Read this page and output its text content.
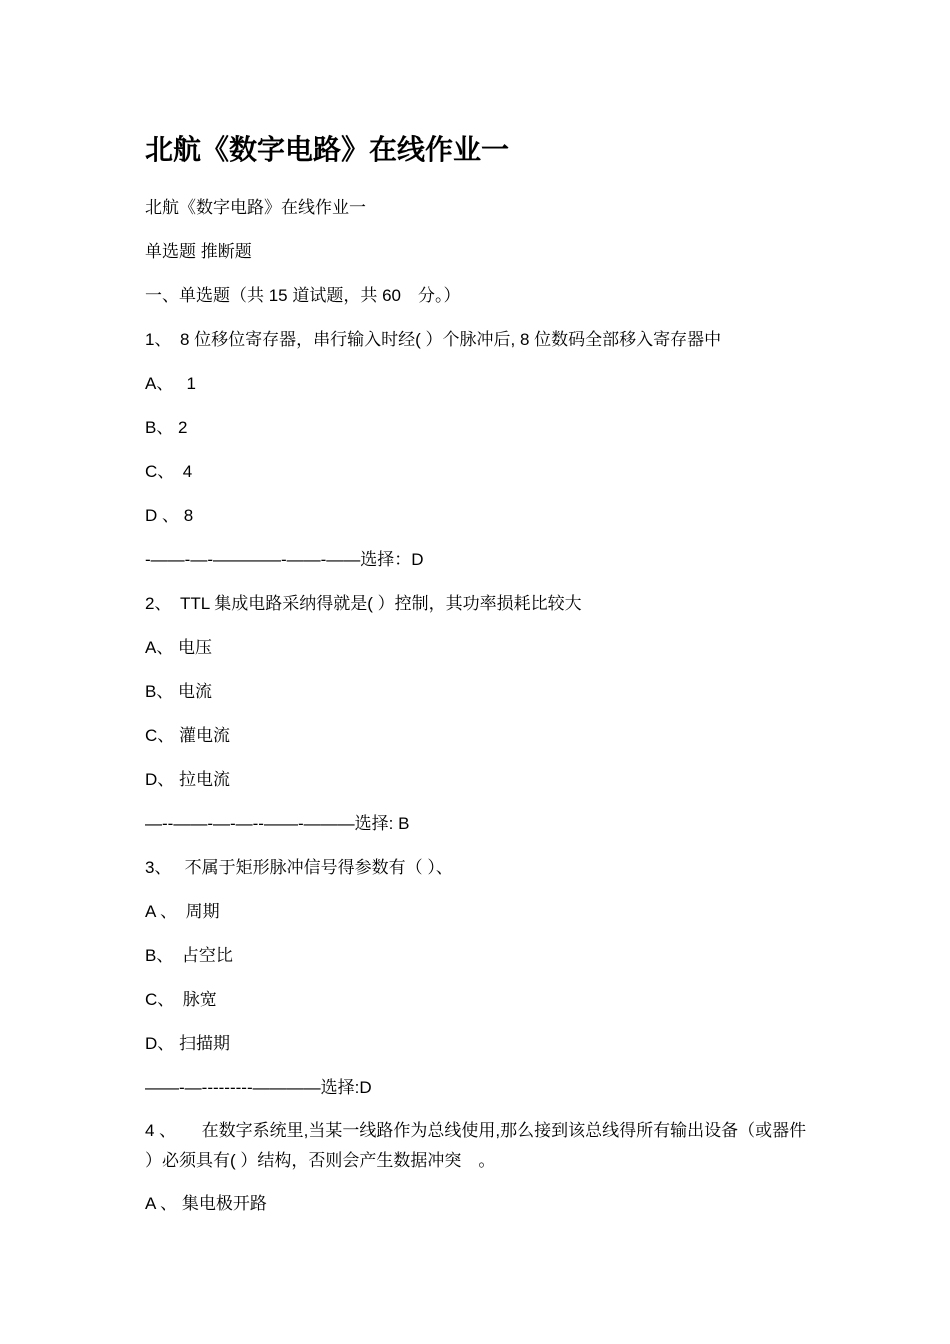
北航《数字电路》在线作业一
北航《数字电路》在线作业一
单选题 推断题
一、单选题（共 15 道试题，共 60　分。）
1、　8 位移位寄存器，串行输入时经( ）个脉冲后, 8 位数码全部移入寄存器中
A、　 1
B、 2
C、　4
D 、 8
-——-—-————-——-——选择：D
2、　TTL 集成电路采纳得就是( ）控制，其功率损耗比较大
A、 电压
B、 电流
C、 灌电流
D、 拉电流
—--——-—-—--——-———选择: B
3、　 不属于矩形脉冲信号得参数有（ ）、
A 、　周期
B、　占空比
C、　脉宽
D、 扫描期
——-—---------————选择:D
4 、　　在数字系统里,当某一线路作为总线使用,那么接到该总线得所有输出设备（或器件 ）必须具有( ）结构，否则会产生数据冲突　。
A 、 集电极开路
